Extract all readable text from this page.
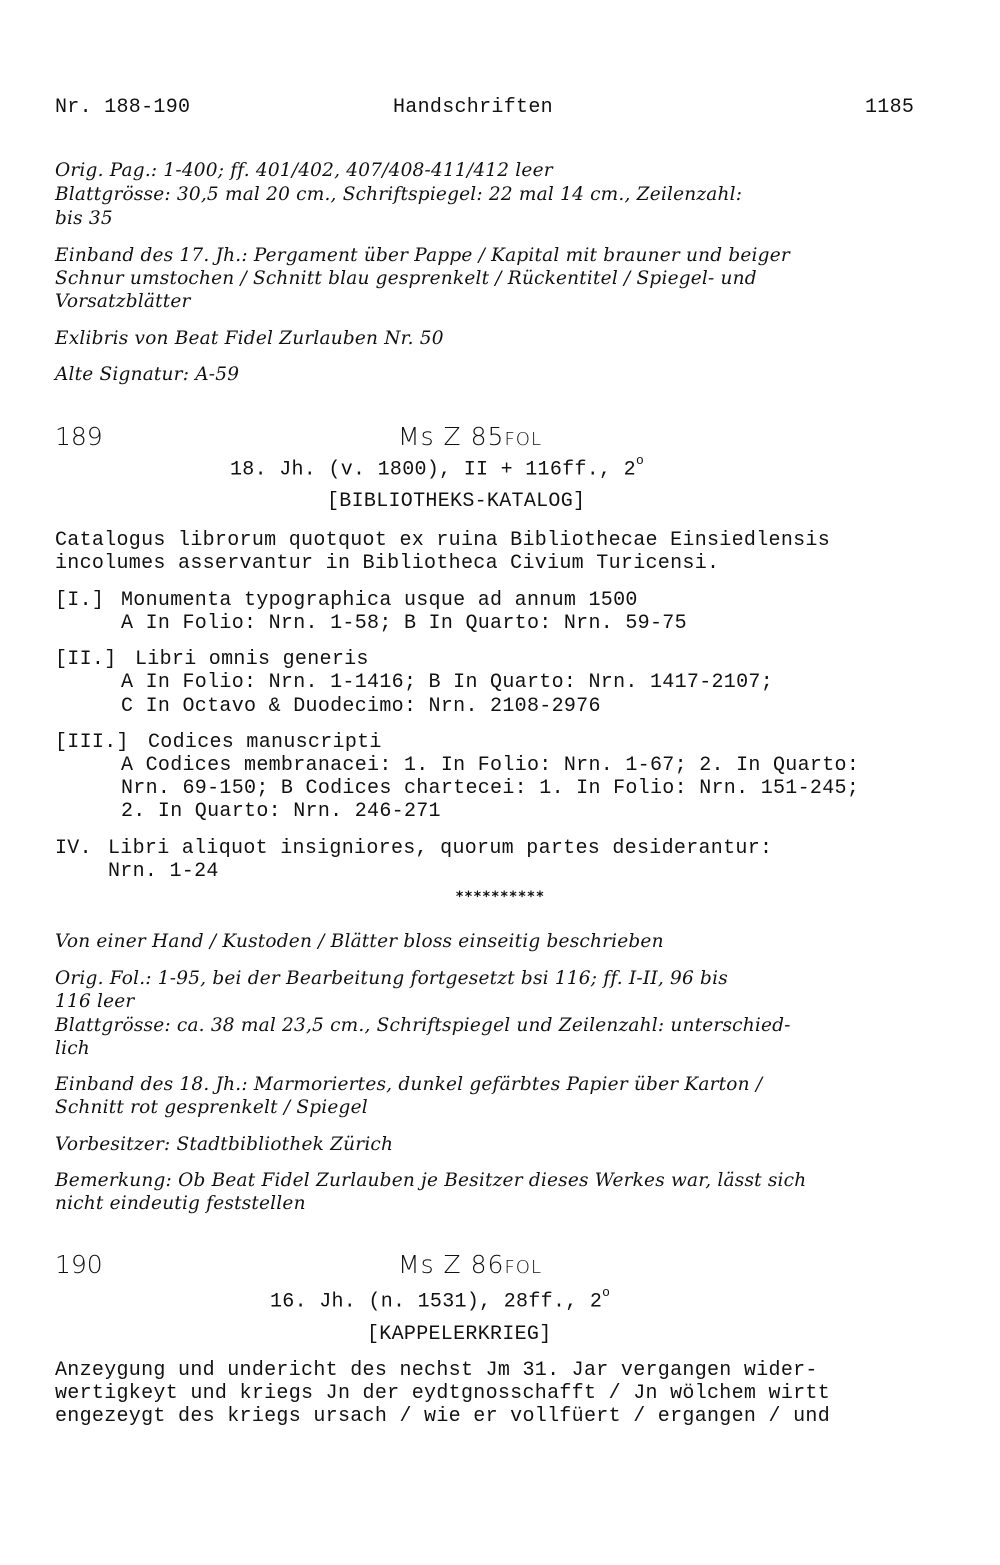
Nr. 188-190	Handschriften	1185
Orig. Pag.: 1-400; ff. 401/402, 407/408-411/412 leer
Blattgrösse: 30,5 mal 20 cm., Schriftspiegel: 22 mal 14 cm., Zeilenzahl:
bis 35
Einband des 17. Jh.: Pergament über Pappe / Kapital mit brauner und beiger
Schnur umstochen / Schnitt blau gesprenkelt / Rückentitel / Spiegel- und
Vorsatzblätter
Exlibris von Beat Fidel Zurlauben Nr. 50
Alte Signatur: A-59
189	Ms Z 85FOL
18. Jh. (v. 1800), II + 116ff., 2$^o$
[BIBLIOTHEKS-KATALOG]
Catalogus librorum quotquot ex ruina Bibliothecae Einsiedlensis
incolumes asservantur in Bibliotheca Civium Turicensi.
[I.] Monumenta typographica usque ad annum 1500
A In Folio: Nrn. 1-58; B In Quarto: Nrn. 59-75
[II.] Libri omnis generis
A In Folio: Nrn. 1-1416; B In Quarto: Nrn. 1417-2107;
C In Octavo & Duodecimo: Nrn. 2108-2976
[III.] Codices manuscripti
A Codices membranacei: 1. In Folio: Nrn. 1-67; 2. In Quarto:
Nrn. 69-150; B Codices chartecei: 1. In Folio: Nrn. 151-245;
2. In Quarto: Nrn. 246-271
IV. Libri aliquot insigniores, quorum partes desiderantur:
Nrn. 1-24
**********
Von einer Hand / Kustoden / Blätter bloss einseitig beschrieben
Orig. Fol.: 1-95, bei der Bearbeitung fortgesetzt bsi 116; ff. I-II, 96 bis
116 leer
Blattgrösse: ca. 38 mal 23,5 cm., Schriftspiegel und Zeilenzahl: unterschied-
lich
Einband des 18. Jh.: Marmoriertes, dunkel gefärbtes Papier über Karton /
Schnitt rot gesprenkelt / Spiegel
Vorbesitzer: Stadtbibliothek Zürich
Bemerkung: Ob Beat Fidel Zurlauben je Besitzer dieses Werkes war, lässt sich
nicht eindeutig feststellen
190	Ms Z 86FOL
16. Jh. (n. 1531), 28ff., 2$^o$
[KAPPELERKRIEG]
Anzeygung und undericht des nechst Jm 31. Jar vergangen wider-
wertigkeyt und kriegs Jn der eydtgnosschafft / Jn wölchem wirtt
engezeygt des kriegs ursach / wie er vollfüert / ergangen / und
